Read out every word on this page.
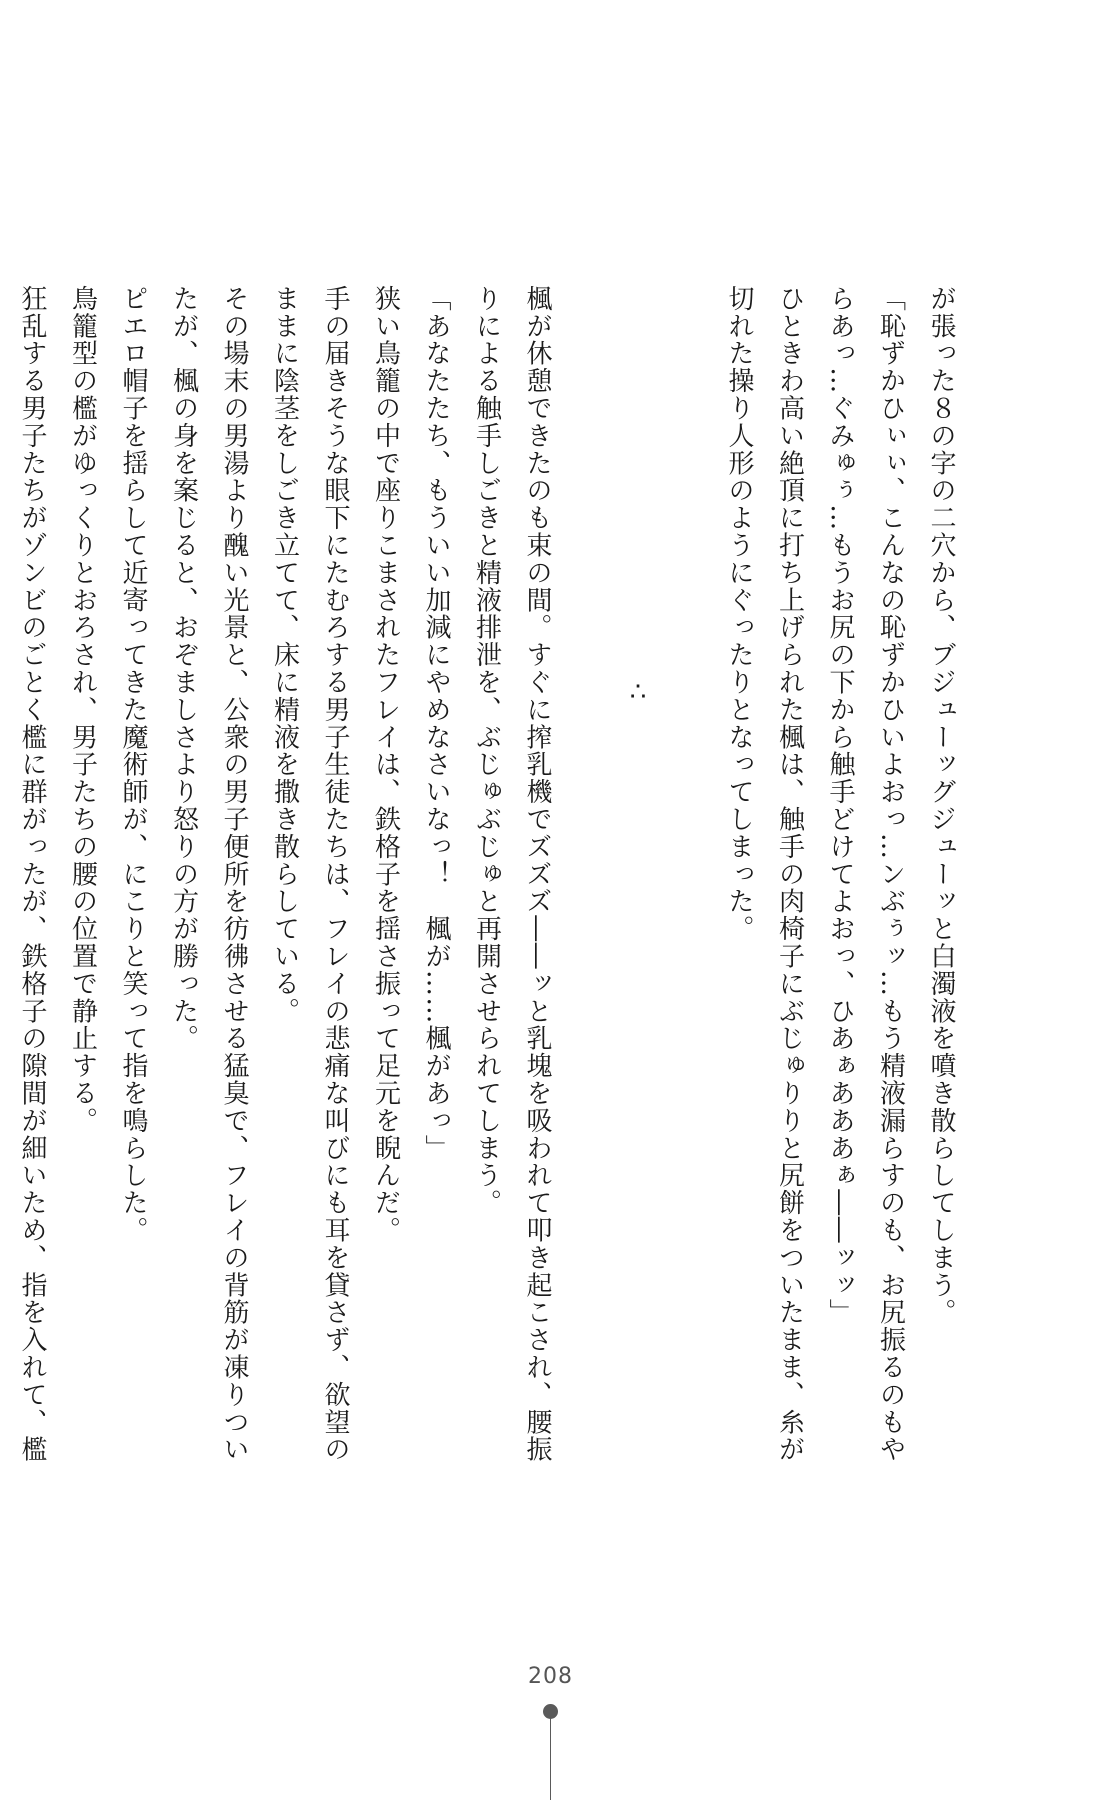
が張った８の字の二穴から、ブジューッグジューッと白濁液を噴き散らしてしまう。

「恥ずかひぃぃ、こんなの恥ずかひいよおっ…ンぶぅッ…もう精液漏らすのも、お尻振るのもやらあっ…ぐみゅぅ…もうお尻の下から触手どけてよおっ、ひあぁあああぁ――ッッ」

ひときわ高い絶頂に打ち上げられた楓は、触手の肉椅子にぶじゅりりと尻餅をついたまま、糸が切れた操り人形のようにぐったりとなってしまった。

∴

楓が休憩できたのも束の間。すぐに搾乳機でズズズ――ッと乳塊を吸われて叩き起こされ、腰振りによる触手しごきと精液排泄を、ぶじゅぶじゅと再開させられてしまう。

「あなたたち、もういい加減にやめなさいなっ！　楓が……楓があっ」

狭い鳥籠の中で座りこまされたフレイは、鉄格子を揺さ振って足元を睨んだ。

手の届きそうな眼下にたむろする男子生徒たちは、フレイの悲痛な叫びにも耳を貸さず、欲望のままに陰茎をしごき立てて、床に精液を撒き散らしている。

その場末の男湯より醜い光景と、公衆の男子便所を彷彿させる猛臭で、フレイの背筋が凍りついたが、楓の身を案じると、おぞましさより怒りの方が勝った。

ピエロ帽子を揺らして近寄ってきた魔術師が、にこりと笑って指を鳴らした。

鳥籠型の檻がゆっくりとおろされ、男子たちの腰の位置で静止する。

狂乱する男子たちがゾンビのごとく檻に群がったが、鉄格子の隙間が細いため、指を入れて、檻

208
